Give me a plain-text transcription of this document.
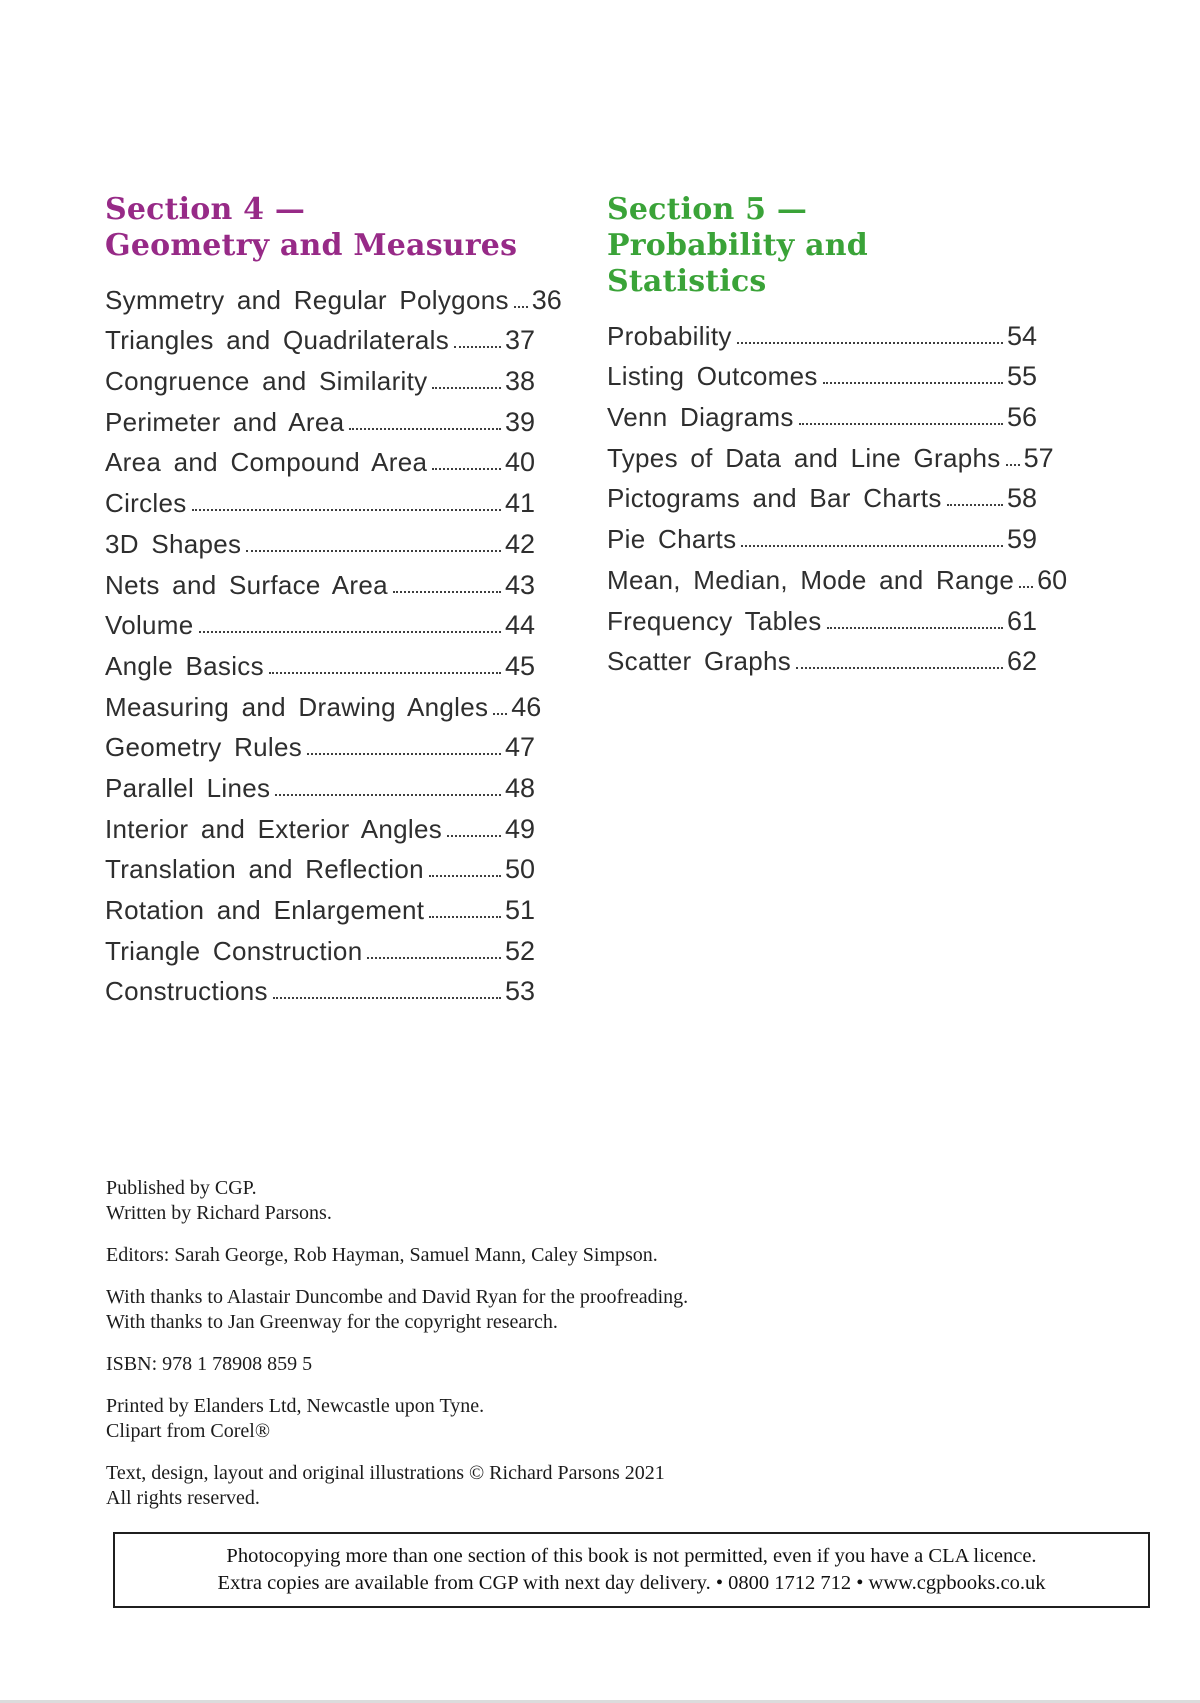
Section 4 —
Geometry and Measures
Symmetry and Regular Polygons 36
Triangles and Quadrilaterals 37
Congruence and Similarity	38
Perimeter and Area	39
Area and Compound Area	40
Circles	41
3D Shapes	42
Nets and Surface Area	43
Volume	44
Angle Basics	45
Measuring and Drawing Angles 46
Geometry Rules	47
Parallel Lines	48
Interior and Exterior Angles 49
Translation and Reflection	50
Rotation and Enlargement	51
Triangle Construction	52
Constructions	53
Section 5 —
Probability and Statistics
Probability	54
Listing Outcomes	55
Venn Diagrams	56
Types of Data and Line Graphs 57
Pictograms and Bar Charts 58
Pie Charts	59
Mean, Median, Mode and Range 60
Frequency Tables	61
Scatter Graphs	62
Published by CGP.
Written by Richard Parsons.
Editors: Sarah George, Rob Hayman, Samuel Mann, Caley Simpson.
With thanks to Alastair Duncombe and David Ryan for the proofreading.
With thanks to Jan Greenway for the copyright research.
ISBN: 978 1 78908 859 5
Printed by Elanders Ltd, Newcastle upon Tyne.
Clipart from Corel®
Text, design, layout and original illustrations © Richard Parsons 2021
All rights reserved.
Photocopying more than one section of this book is not permitted, even if you have a CLA licence.
Extra copies are available from CGP with next day delivery. • 0800 1712 712 • www.cgpbooks.co.uk
